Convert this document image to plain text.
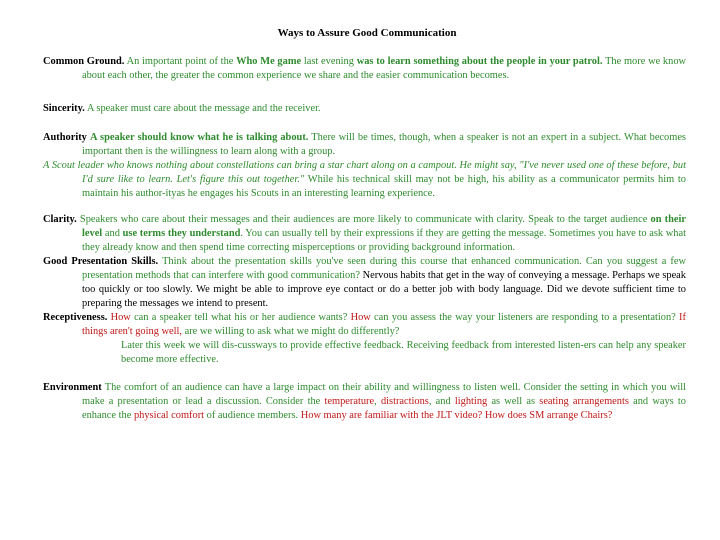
Ways to Assure Good Communication

Common Ground. An important point of the Who Me game last evening was to learn something about the people in your patrol. The more we know about each other, the greater the common experience we share and the easier communication becomes.

Sincerity. A speaker must care about the message and the receiver.

Authority A speaker should know what he is talking about. There will be times, though, when a speaker is not an expert in a subject. What becomes important then is the willingness to learn along with a group.
A Scout leader who knows nothing about constellations can bring a star chart along on a campout. He might say, "I've never used one of these before, but I'd sure like to learn. Let's figure this out together." While his technical skill may not be high, his ability as a communicator permits him to maintain his author-ityas he engages his Scouts in an interesting learning experience.

Clarity. Speakers who care about their messages and their audiences are more likely to communicate with clarity. Speak to the target audience on their level and use terms they understand. You can usually tell by their expressions if they are getting the message. Sometimes you have to ask what they already know and then spend time correcting misperceptions or providing background information.

Good Presentation Skills. Think about the presentation skills you've seen during this course that enhanced communication. Can you suggest a few presentation methods that can interfere with good communication? Nervous habits that get in the way of conveying a message. Perhaps we speak too quickly or too slowly. We might be able to improve eye contact or do a better job with body language. Did we devote sufficient time to preparing the messages we intend to present.

Receptiveness. How can a speaker tell what his or her audience wants? How can you assess the way your listeners are responding to a presentation? If things aren't going well, are we willing to ask what we might do differently?
Later this week we will dis-cussways to provide effective feedback. Receiving feedback from interested listen-ers can help any speaker become more effective.

Environment The comfort of an audience can have a large impact on their ability and willingness to listen well. Consider the setting in which you will make a presentation or lead a discussion. Consider the temperature, distractions, and lighting as well as seating arrangements and ways to enhance the physical comfort of audience members. How many are familiar with the JLT video? How does SM arrange Chairs?
